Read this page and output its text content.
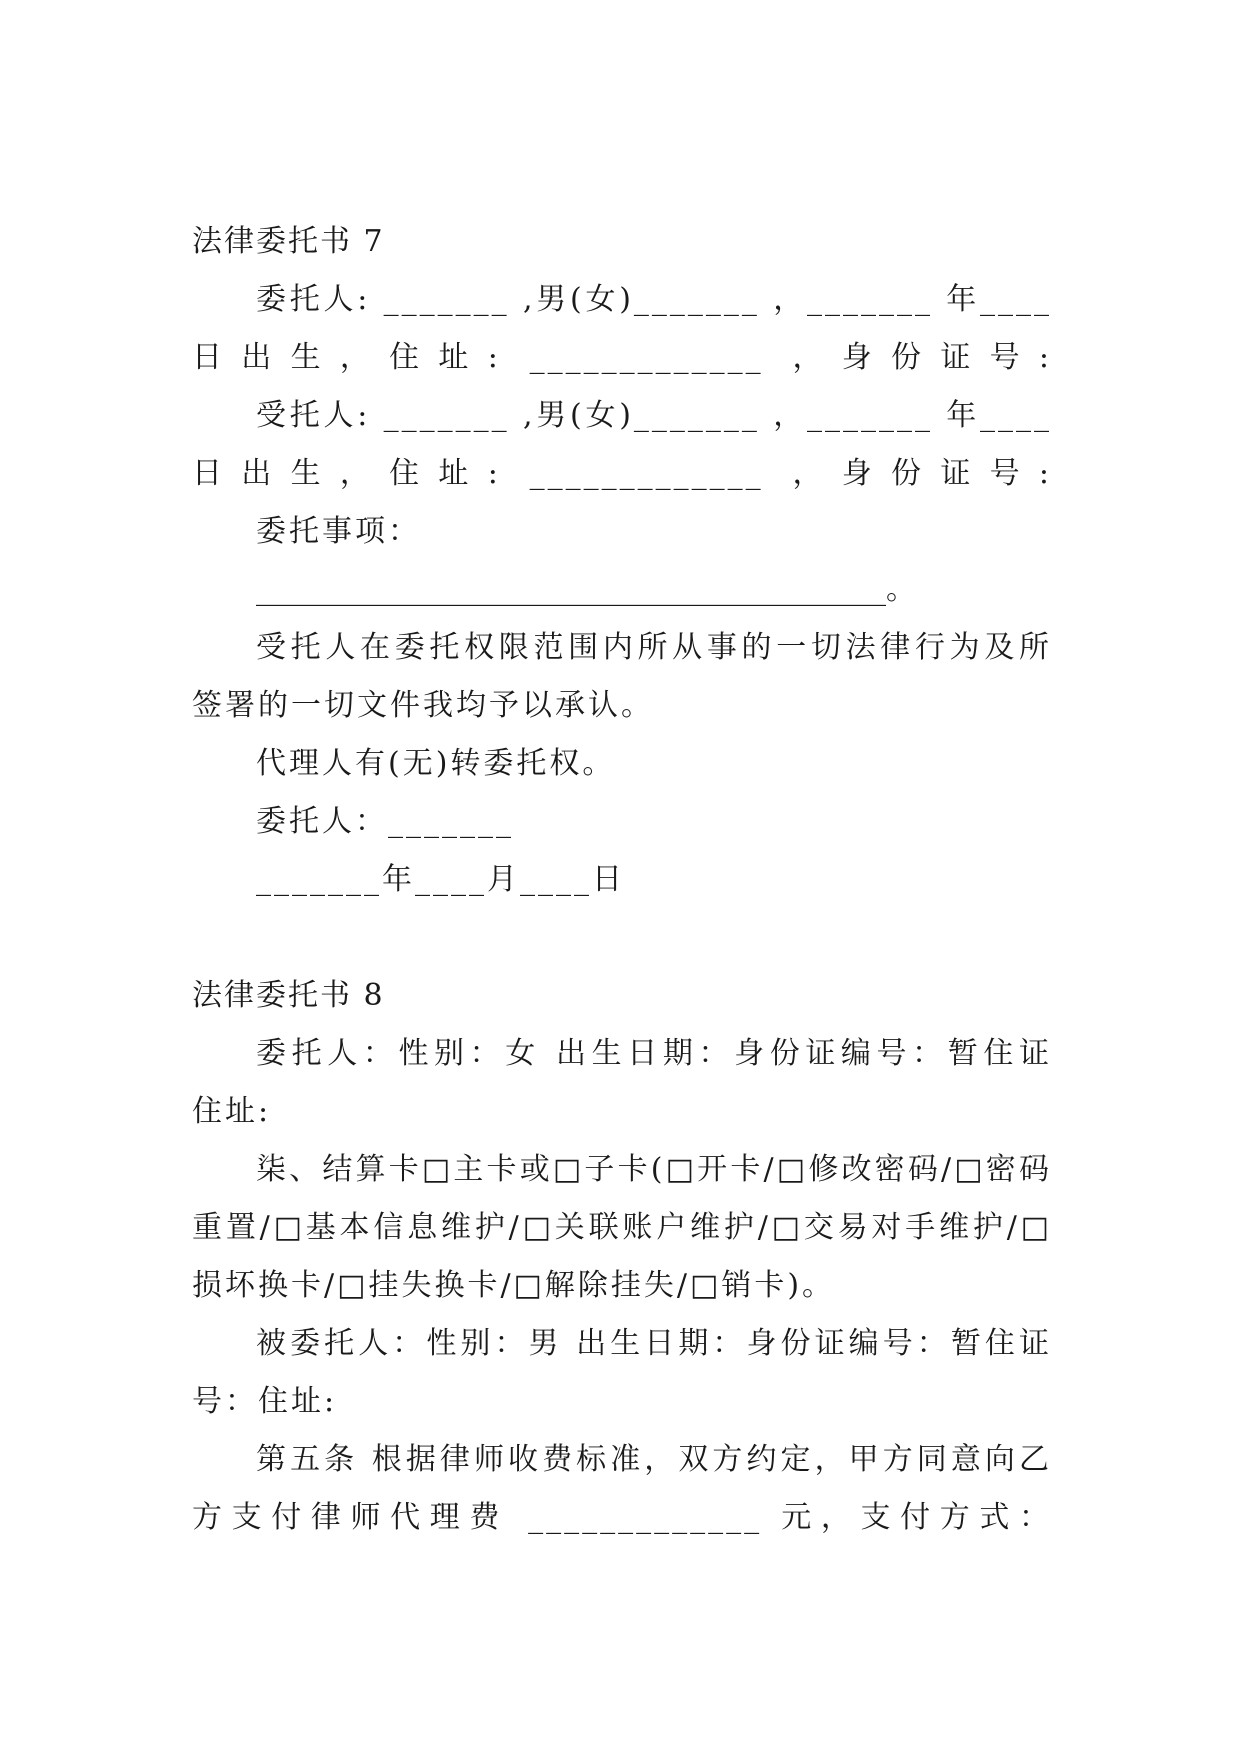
法律委托书 7
委托人: _______ ,男(女)_______ ，_______ 年____
日出生，住址: _____________ ，身份证号:
受托人: _______ ,男(女)_______ ，_______ 年____
日出生，住址: _____________ ，身份证号:
委托事项：
__________________________________________。
受托人在委托权限范围内所从事的一切法律行为及所
签署的一切文件我均予以承认。
代理人有(无)转委托权。
委托人：_______
_______年____月____日
法律委托书 8
委托人：性别：女 出生日期：身份证编号：暂住证
住址:
柒、结算卡□主卡或□子卡(□开卡/□修改密码/□密码
重置/□基本信息维护/□关联账户维护/□交易对手维护/□
损坏换卡/□挂失换卡/□解除挂失/□销卡)。
被委托人：性别：男 出生日期：身份证编号：暂住证
号：住址:
第五条 根据律师收费标准，双方约定，甲方同意向乙
方支付律师代理费 _____________ 元，支付方式：
